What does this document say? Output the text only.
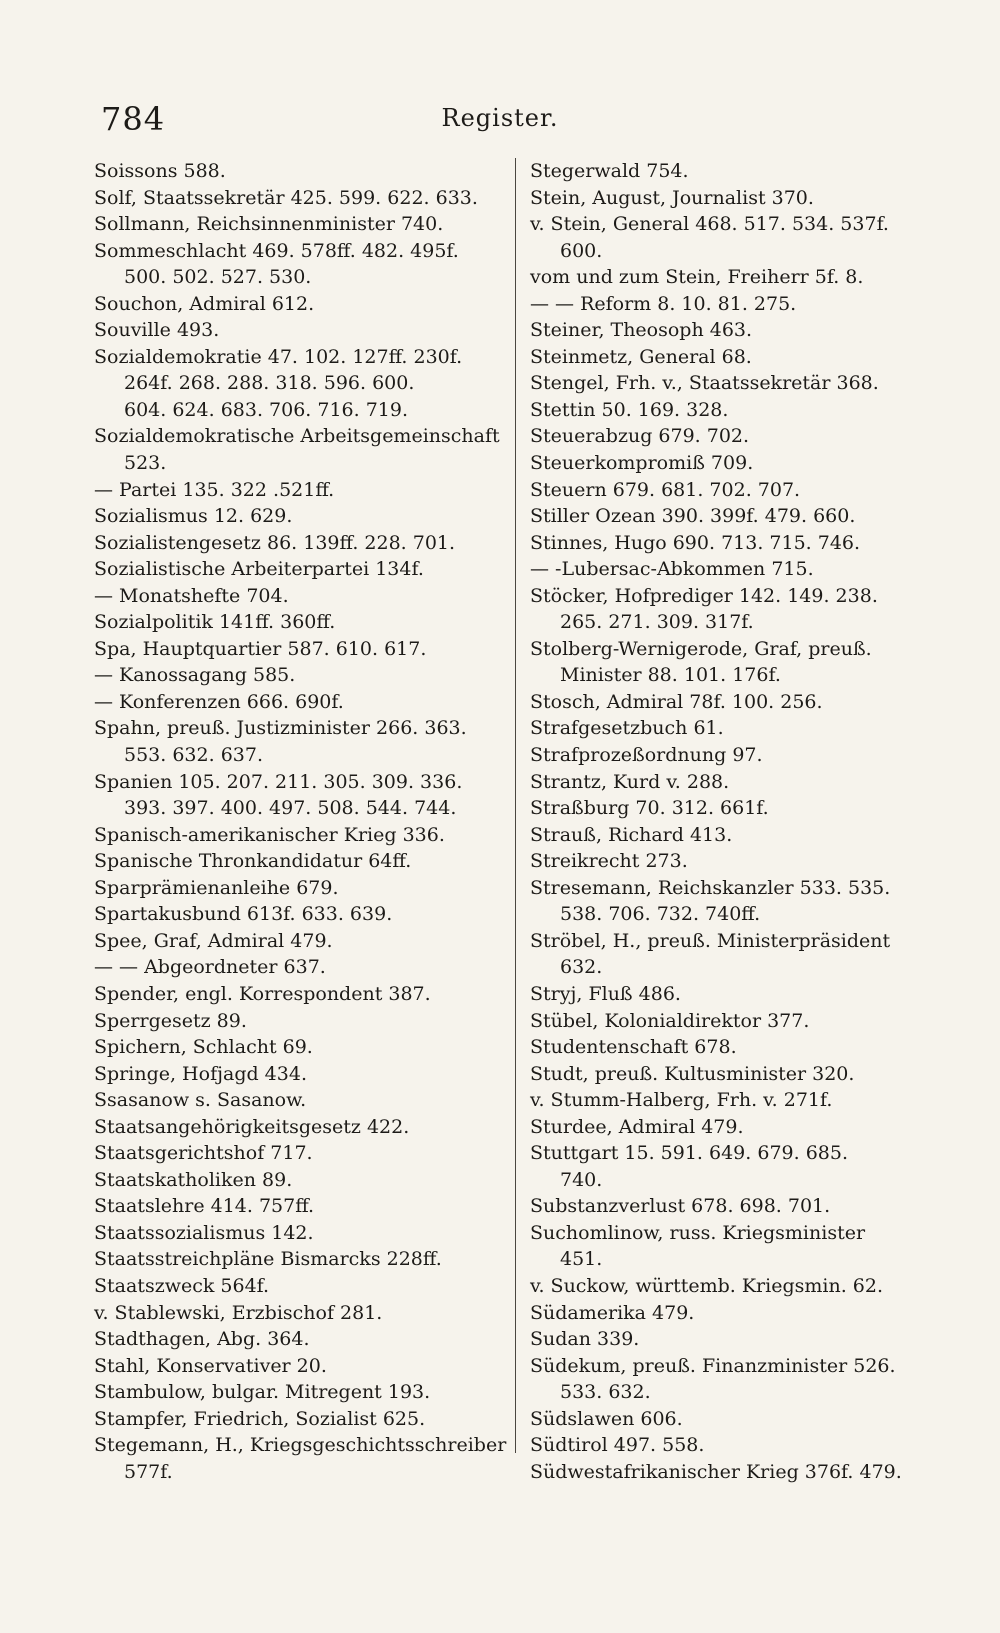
784	Register.
Soissons 588.
Solf, Staatssekretär 425. 599. 622. 633.
Sollmann, Reichsinnenminister 740.
Sommeschlacht 469. 578ff. 482. 495f.
500. 502. 527. 530.
Souchon, Admiral 612.
Souville 493.
Sozialdemokratie 47. 102. 127ff. 230f.
264f. 268. 288. 318. 596. 600.
604. 624. 683. 706. 716. 719.
Sozialdemokratische Arbeitsgemeinschaft
523.
— Partei 135. 322 .521ff.
Sozialismus 12. 629.
Sozialistengesetz 86. 139ff. 228. 701.
Sozialistische Arbeiterpartei 134f.
— Monatshefte 704.
Sozialpolitik 141ff. 360ff.
Spa, Hauptquartier 587. 610. 617.
— Kanossagang 585.
— Konferenzen 666. 690f.
Spahn, preuß. Justizminister 266. 363.
553. 632. 637.
Spanien 105. 207. 211. 305. 309. 336.
393. 397. 400. 497. 508. 544. 744.
Spanisch-amerikanischer Krieg 336.
Spanische Thronkandidatur 64ff.
Sparprämienanleihe 679.
Spartakusbund 613f. 633. 639.
Spee, Graf, Admiral 479.
— — Abgeordneter 637.
Spender, engl. Korrespondent 387.
Sperrgesetz 89.
Spichern, Schlacht 69.
Springe, Hofjagd 434.
Ssasanow s. Sasanow.
Staatsangehörigkeitsgesetz 422.
Staatsgerichtshof 717.
Staatskatholiken 89.
Staatslehre 414. 757ff.
Staatssozialismus 142.
Staatsstreichpläne Bismarcks 228ff.
Staatszweck 564f.
v. Stablewski, Erzbischof 281.
Stadthagen, Abg. 364.
Stahl, Konservativer 20.
Stambulow, bulgar. Mitregent 193.
Stampfer, Friedrich, Sozialist 625.
Stegemann, H., Kriegsgeschichtsschreiber
577f.
Stegerwald 754.
Stein, August, Journalist 370.
v. Stein, General 468. 517. 534. 537f.
600.
vom und zum Stein, Freiherr 5f. 8.
— — Reform 8. 10. 81. 275.
Steiner, Theosoph 463.
Steinmetz, General 68.
Stengel, Frh. v., Staatssekretär 368.
Stettin 50. 169. 328.
Steuerabzug 679. 702.
Steuerkompromiß 709.
Steuern 679. 681. 702. 707.
Stiller Ozean 390. 399f. 479. 660.
Stinnes, Hugo 690. 713. 715. 746.
— -Lubersac-Abkommen 715.
Stöcker, Hofprediger 142. 149. 238.
265. 271. 309. 317f.
Stolberg-Wernigerode, Graf, preuß.
Minister 88. 101. 176f.
Stosch, Admiral 78f. 100. 256.
Strafgesetzbuch 61.
Strafprozeßordnung 97.
Strantz, Kurd v. 288.
Straßburg 70. 312. 661f.
Strauß, Richard 413.
Streikrecht 273.
Stresemann, Reichskanzler 533. 535.
538. 706. 732. 740ff.
Ströbel, H., preuß. Ministerpräsident
632.
Stryj, Fluß 486.
Stübel, Kolonialdirektor 377.
Studentenschaft 678.
Studt, preuß. Kultusminister 320.
v. Stumm-Halberg, Frh. v. 271f.
Sturdee, Admiral 479.
Stuttgart 15. 591. 649. 679. 685.
740.
Substanzverlust 678. 698. 701.
Suchomlinow, russ. Kriegsminister
451.
v. Suckow, württemb. Kriegsmin. 62.
Südamerika 479.
Sudan 339.
Südekum, preuß. Finanzminister 526.
533. 632.
Südslawen 606.
Südtirol 497. 558.
Südwestafrikanischer Krieg 376f. 479.
